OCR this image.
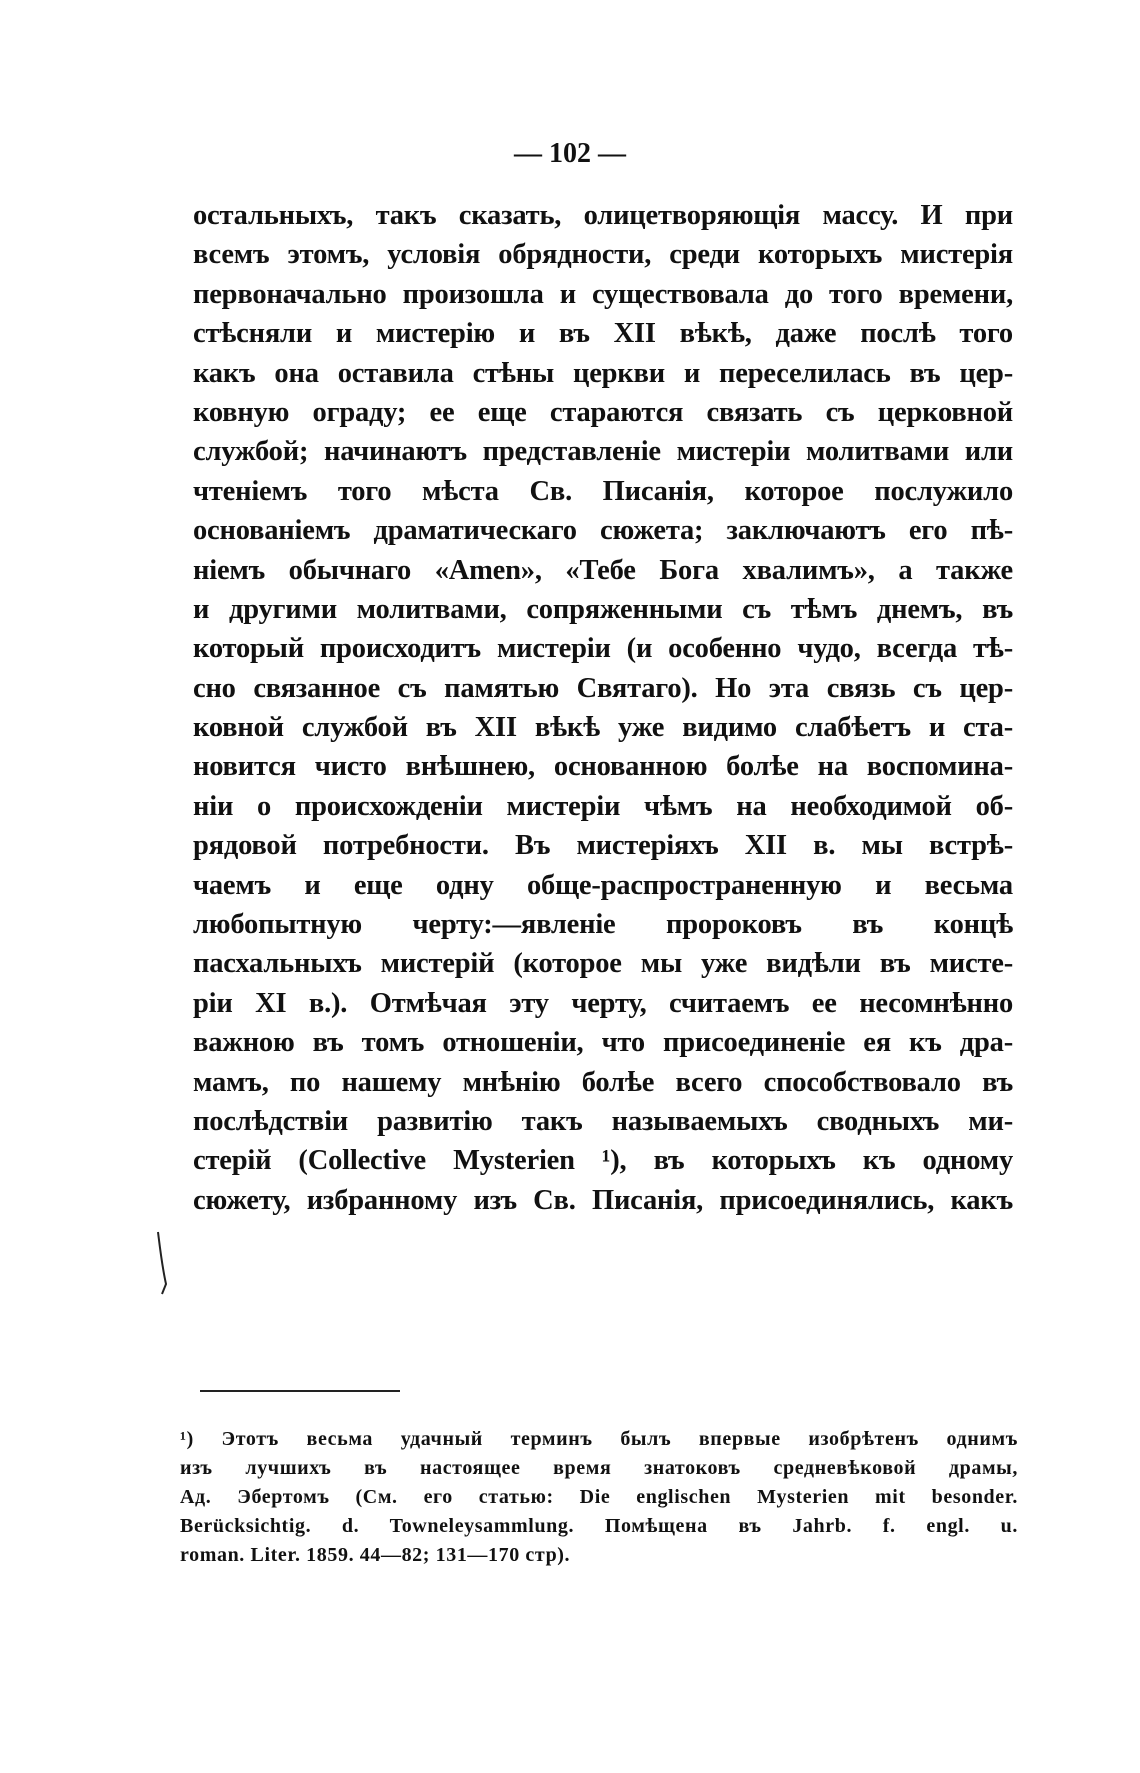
— 102 —
остальныхъ, такъ сказать, олицетворяющія массу. И при
всемъ этомъ, условія обрядности, среди которыхъ мистерія
первоначально произошла и существовала до того времени,
стѣсняли и мистерію и въ XII вѣкѣ, даже послѣ того
какъ она оставила стѣны церкви и переселилась въ цер-
ковную ограду; ее еще стараются связать съ церковной
службой; начинаютъ представленіе мистеріи молитвами или
чтеніемъ того мѣста Св. Писанія, которое послужило
основаніемъ драматическаго сюжета; заключаютъ его пѣ-
ніемъ обычнаго «Amen», «Тебе Бога хвалимъ», а также
и другими молитвами, сопряженными съ тѣмъ днемъ, въ
который происходитъ мистеріи (и особенно чудо, всегда тѣ-
сно связанное съ памятью Святаго). Но эта связь съ цер-
ковной службой въ XII вѣкѣ уже видимо слабѣетъ и ста-
новится чисто внѣшнею, основанною болѣе на воспомина-
ніи о происхожденіи мистеріи чѣмъ на необходимой об-
рядовой потребности. Въ мистеріяхъ XII в. мы встрѣ-
чаемъ и еще одну обще-распространенную и весьма
любопытную черту:—явленіе пророковъ въ концѣ
пасхальныхъ мистерій (которое мы уже видѣли въ мисте-
ріи XI в.). Отмѣчая эту черту, считаемъ ее несомнѣнно
важною въ томъ отношеніи, что присоединеніе ея къ дра-
мамъ, по нашему мнѣнію болѣе всего способствовало въ
послѣдствіи развитію такъ называемыхъ сводныхъ ми-
стерій (Collective Mysterien ¹), въ которыхъ къ одному
сюжету, избранному изъ Св. Писанія, присоединялись, какъ
¹) Этотъ весьма удачный терминъ былъ впервые изобрѣтенъ однимъ
изъ лучшихъ въ настоящее время знатоковъ средневѣковой драмы,
Ад. Эбертомъ (См. его статью: Die englischen Mysterien mit besonder.
Berücksichtig. d. Towneleysammlung. Помѣщена въ Jahrb. f. engl. u.
roman. Liter. 1859. 44—82; 131—170 стр).
